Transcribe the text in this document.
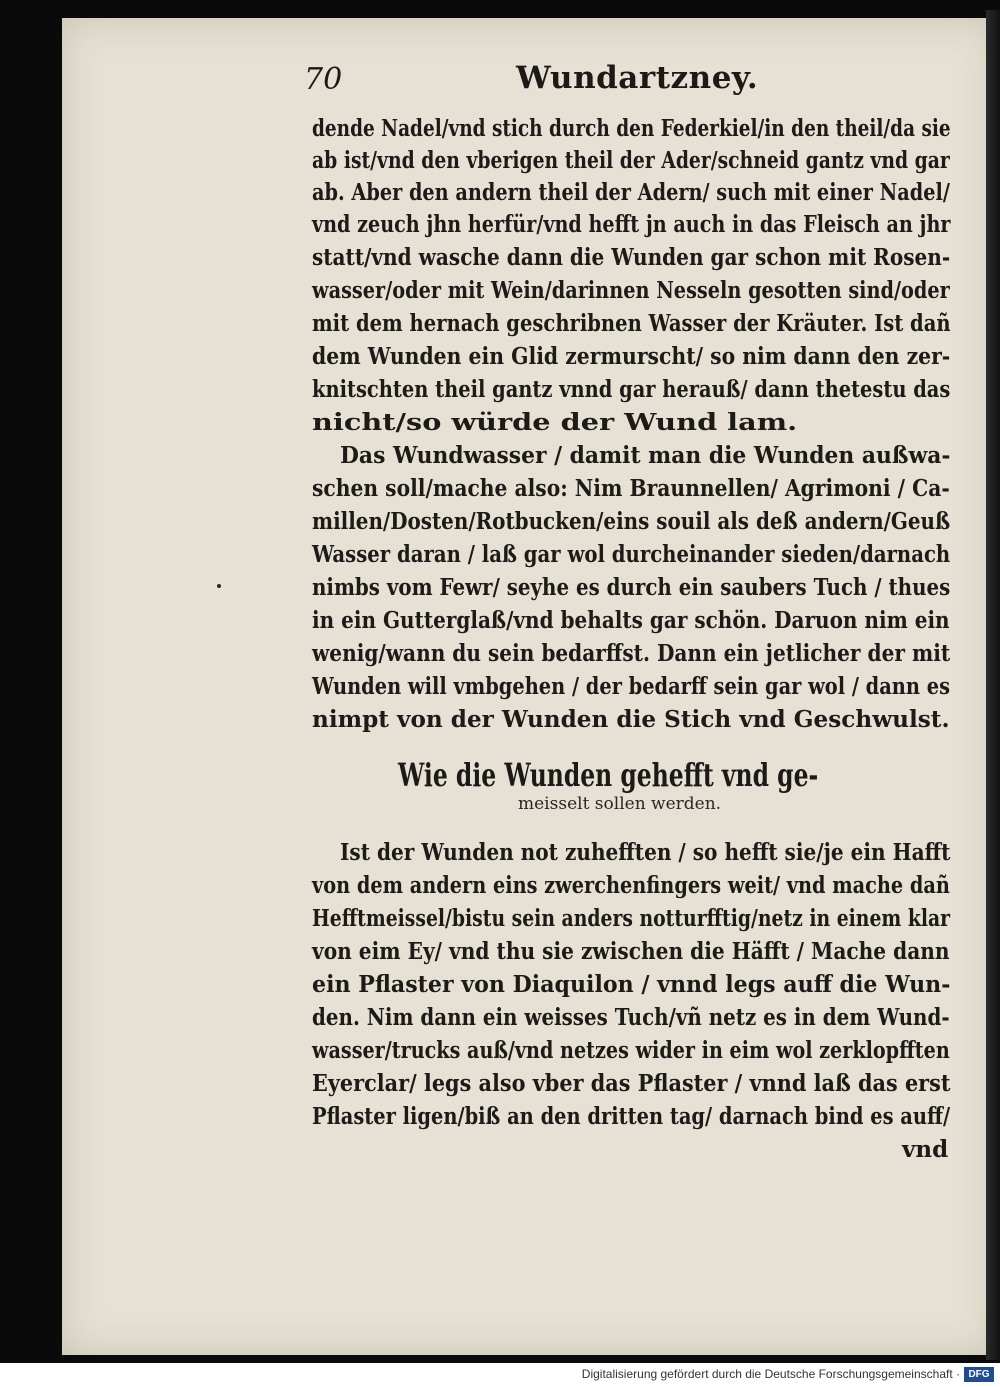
70	Wundartzney.
dende Nadel/vnd stich durch den Federkiel/in den theil/da sie
ab ist/vnd den vberigen theil der Ader/schneid gantz vnd gar
ab. Aber den andern theil der Adern/ such mit einer Nadel/
vnd zeuch jhn herfür/vnd hefft jn auch in das Fleisch an jhr
statt/vnd wasche dann die Wunden gar schon mit Rosen-
wasser/oder mit Wein/darinnen Nesseln gesotten sind/oder
mit dem hernach geschribnen Wasser der Kräuter. Ist dañ
dem Wunden ein Glid zermurscht/ so nim dann den zer-
knitschten theil gantz vnnd gar herauß/ dann thetestu das
nicht/so würde der Wund lam.
Das Wundwasser / damit man die Wunden außwa-
schen soll/mache also: Nim Braunnellen/ Agrimoni / Ca-
millen/Dosten/Rotbucken/eins souil als deß andern/Geuß
Wasser daran / laß gar wol durcheinander sieden/darnach
nimbs vom Fewr/ seyhe es durch ein saubers Tuch / thues
in ein Gutterglaß/vnd behalts gar schön. Daruon nim ein
wenig/wann du sein bedarffst. Dann ein jetlicher der mit
Wunden will vmbgehen / der bedarff sein gar wol / dann es
nimpt von der Wunden die Stich vnd Geschwulst.
Wie die Wunden gehefft vnd ge-
meisselt sollen werden.
Ist der Wunden not zuhefften / so hefft sie/je ein Hafft
von dem andern eins zwerchenfingers weit/ vnd mache dañ
Hefftmeissel/bistu sein anders notturfftig/netz in einem klar
von eim Ey/ vnd thu sie zwischen die Häfft / Mache dann
ein Pflaster von Diaquilon / vnnd legs auff die Wun-
den. Nim dann ein weisses Tuch/vñ netz es in dem Wund-
wasser/trucks auß/vnd netzes wider in eim wol zerklopfften
Eyerclar/ legs also vber das Pflaster / vnnd laß das erst
Pflaster ligen/biß an den dritten tag/ darnach bind es auff/
vnd
Digitalisierung gefördert durch die Deutsche Forschungsgemeinschaft · DFG
